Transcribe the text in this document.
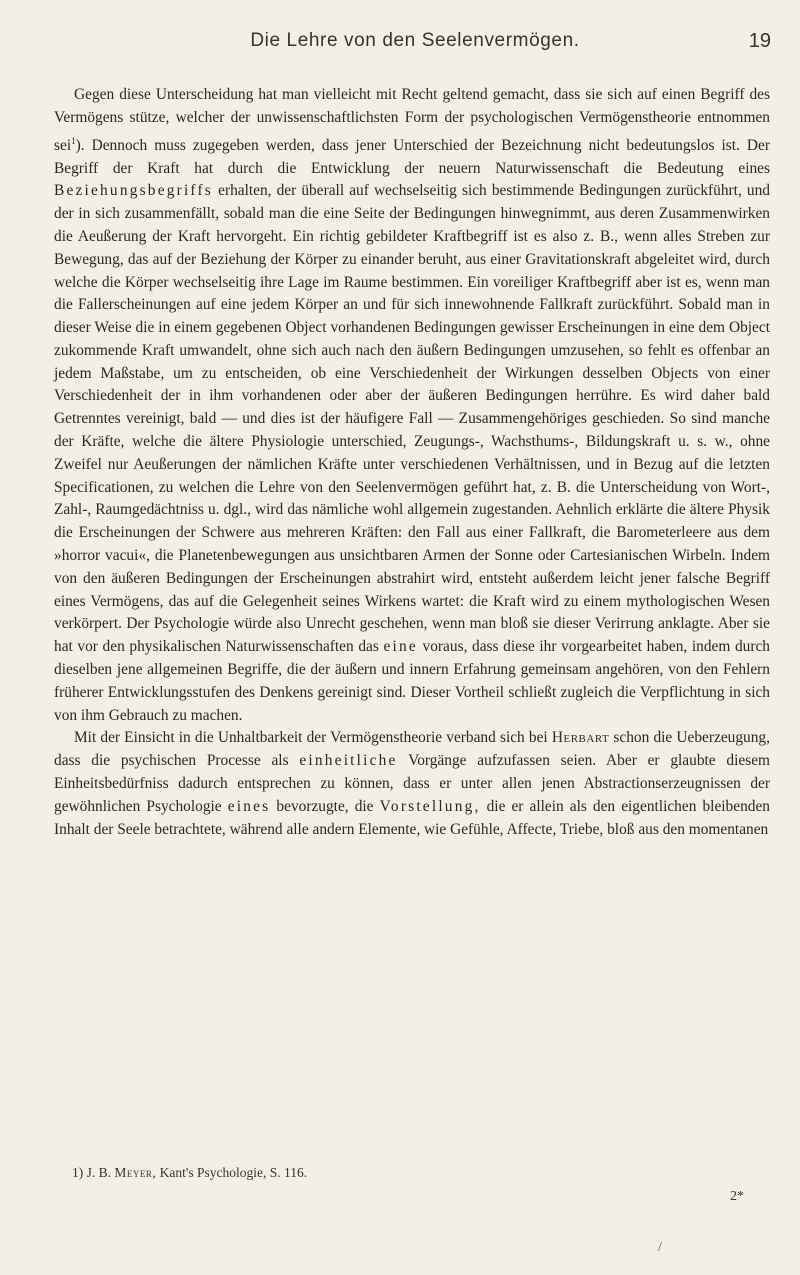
Die Lehre von den Seelenvermögen.	19

Gegen diese Unterscheidung hat man vielleicht mit Recht geltend gemacht, dass sie sich auf einen Begriff des Vermögens stütze, welcher der unwissenschaftlichsten Form der psychologischen Vermögenstheorie entnommen sei$^1$). Dennoch muss zugegeben werden, dass jener Unterschied der Bezeichnung nicht bedeutungslos ist. Der Begriff der Kraft hat durch die Entwicklung der neuern Naturwissenschaft die Bedeutung eines Beziehungsbegriffs erhalten, der überall auf wechselseitig sich bestimmende Bedingungen zurückführt, und der in sich zusammenfällt, sobald man die eine Seite der Bedingungen hinwegnimmt, aus deren Zusammenwirken die Aeußerung der Kraft hervorgeht. Ein richtig gebildeter Kraftbegriff ist es also z. B., wenn alles Streben zur Bewegung, das auf der Beziehung der Körper zu einander beruht, aus einer Gravitationskraft abgeleitet wird, durch welche die Körper wechselseitig ihre Lage im Raume bestimmen. Ein voreiliger Kraftbegriff aber ist es, wenn man die Fallerscheinungen auf eine jedem Körper an und für sich innewohnende Fallkraft zurückführt. Sobald man in dieser Weise die in einem gegebenen Object vorhandenen Bedingungen gewisser Erscheinungen in eine dem Object zukommende Kraft umwandelt, ohne sich auch nach den äußern Bedingungen umzusehen, so fehlt es offenbar an jedem Maßstabe, um zu entscheiden, ob eine Verschiedenheit der Wirkungen desselben Objects von einer Verschiedenheit der in ihm vorhandenen oder aber der äußeren Bedingungen herrühre. Es wird daher bald Getrenntes vereinigt, bald — und dies ist der häufigere Fall — Zusammengehöriges geschieden. So sind manche der Kräfte, welche die ältere Physiologie unterschied, Zeugungs-, Wachsthums-, Bildungskraft u. s. w., ohne Zweifel nur Aeußerungen der nämlichen Kräfte unter verschiedenen Verhältnissen, und in Bezug auf die letzten Specificationen, zu welchen die Lehre von den Seelenvermögen geführt hat, z. B. die Unterscheidung von Wort-, Zahl-, Raumgedächtniss u. dgl., wird das nämliche wohl allgemein zugestanden. Aehnlich erklärte die ältere Physik die Erscheinungen der Schwere aus mehreren Kräften: den Fall aus einer Fallkraft, die Barometerleere aus dem »horror vacui«, die Planetenbewegungen aus unsichtbaren Armen der Sonne oder Cartesianischen Wirbeln. Indem von den äußeren Bedingungen der Erscheinungen abstrahirt wird, entsteht außerdem leicht jener falsche Begriff eines Vermögens, das auf die Gelegenheit seines Wirkens wartet: die Kraft wird zu einem mythologischen Wesen verkörpert. Der Psychologie würde also Unrecht geschehen, wenn man bloß sie dieser Verirrung anklagte. Aber sie hat vor den physikalischen Naturwissenschaften das eine voraus, dass diese ihr vorgearbeitet haben, indem durch dieselben jene allgemeinen Begriffe, die der äußern und innern Erfahrung gemeinsam angehören, von den Fehlern früherer Entwicklungsstufen des Denkens gereinigt sind. Dieser Vortheil schließt zugleich die Verpflichtung in sich von ihm Gebrauch zu machen.

Mit der Einsicht in die Unhaltbarkeit der Vermögenstheorie verband sich bei Herbart schon die Ueberzeugung, dass die psychischen Processe als einheitliche Vorgänge aufzufassen seien. Aber er glaubte diesem Einheitsbedürfniss dadurch entsprechen zu können, dass er unter allen jenen Abstractionserzeugnissen der gewöhnlichen Psychologie eines bevorzugte, die Vorstellung, die er allein als den eigentlichen bleibenden Inhalt der Seele betrachtete, während alle andern Elemente, wie Gefühle, Affecte, Triebe, bloß aus den momentanen

1) J. B. Meyer, Kant's Psychologie, S. 116.
2*
/
